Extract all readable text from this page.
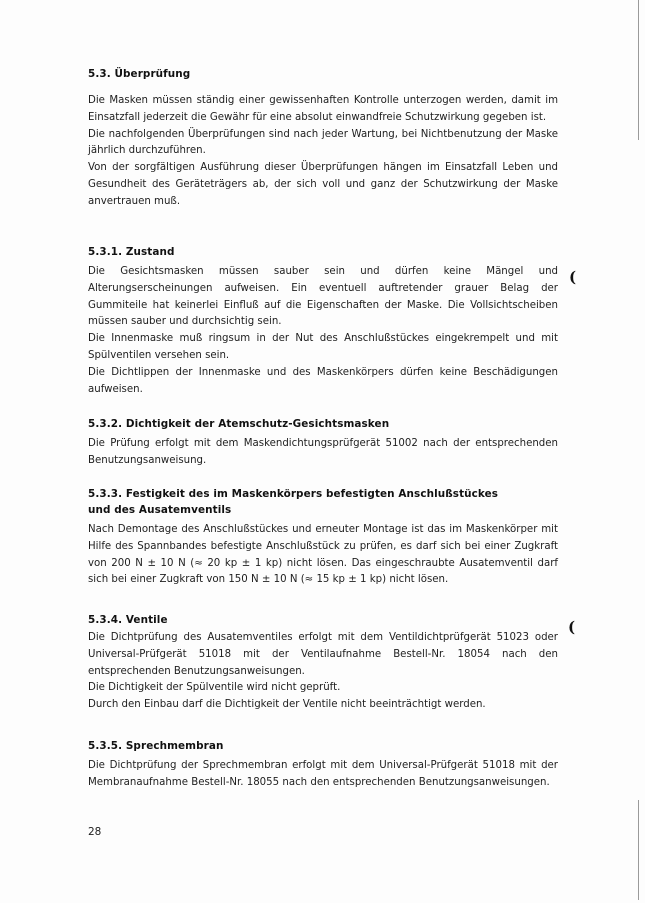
5.3. Überprüfung

Die Masken müssen ständig einer gewissenhaften Kontrolle unterzogen werden, damit im Einsatzfall jederzeit die Gewähr für eine absolut einwandfreie Schutzwirkung gegeben ist.

Die nachfolgenden Überprüfungen sind nach jeder Wartung, bei Nichtbenutzung der Maske jährlich durchzuführen.

Von der sorgfältigen Ausführung dieser Überprüfungen hängen im Einsatzfall Leben und Gesundheit des Geräteträgers ab, der sich voll und ganz der Schutzwirkung der Maske anvertrauen muß.

5.3.1. Zustand

Die Gesichtsmasken müssen sauber sein und dürfen keine Mängel und Alterungserscheinungen aufweisen. Ein eventuell auftretender grauer Belag der Gummiteile hat keinerlei Einfluß auf die Eigenschaften der Maske. Die Vollsichtscheiben müssen sauber und durchsichtig sein.

Die Innenmaske muß ringsum in der Nut des Anschlußstückes eingekrempelt und mit Spülventilen versehen sein.

Die Dichtlippen der Innenmaske und des Maskenkörpers dürfen keine Beschädigungen aufweisen.

5.3.2. Dichtigkeit der Atemschutz-Gesichtsmasken

Die Prüfung erfolgt mit dem Maskendichtungsprüfgerät 51002 nach der entsprechenden Benutzungsanweisung.

5.3.3. Festigkeit des im Maskenkörpers befestigten Anschlußstückes
und des Ausatemventils

Nach Demontage des Anschlußstückes und erneuter Montage ist das im Maskenkörper mit Hilfe des Spannbandes befestigte Anschlußstück zu prüfen, es darf sich bei einer Zugkraft von 200 N ± 10 N (≈ 20 kp ± 1 kp) nicht lösen. Das eingeschraubte Ausatemventil darf sich bei einer Zugkraft von 150 N ± 10 N (≈ 15 kp ± 1 kp) nicht lösen.

5.3.4. Ventile

Die Dichtprüfung des Ausatemventiles erfolgt mit dem Ventildichtprüfgerät 51023 oder Universal-Prüfgerät 51018 mit der Ventilaufnahme Bestell-Nr. 18054 nach den entsprechenden Benutzungsanweisungen.

Die Dichtigkeit der Spülventile wird nicht geprüft.

Durch den Einbau darf die Dichtigkeit der Ventile nicht beeinträchtigt werden.

5.3.5. Sprechmembran

Die Dichtprüfung der Sprechmembran erfolgt mit dem Universal-Prüfgerät 51018 mit der Membranaufnahme Bestell-Nr. 18055 nach den entsprechenden Benutzungsanweisungen.

28
(
(
